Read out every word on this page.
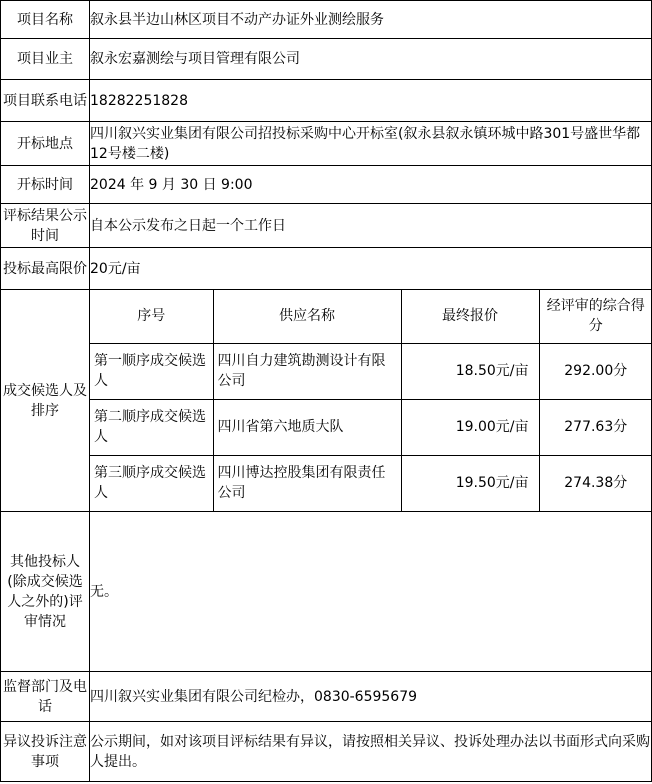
项目名称	叙永县半边山林区项目不动产办证外业测绘服务
项目业主	叙永宏嘉测绘与项目管理有限公司
项目联系电话	18282251828
开标地点	四川叙兴实业集团有限公司招投标采购中心开标室(叙永县叙永镇环城中路301号盛世华都12号楼二楼)
开标时间	2024 年 9 月 30 日 9:00
评标结果公示时间	自本公示发布之日起一个工作日
投标最高限价	20元/亩
成交候选人及排序	
序号	供应名称	最终报价	经评审的综合得分
第一顺序成交候选人	四川自力建筑勘测设计有限公司	18.50元/亩	292.00分
第二顺序成交候选人	四川省第六地质大队	19.00元/亩	277.63分
第三顺序成交候选人	四川博达控股集团有限责任公司	19.50元/亩	274.38分

其他投标人(除成交候选人之外的)评审情况	无。
监督部门及电话	四川叙兴实业集团有限公司纪检办，0830-6595679
异议投诉注意事项	公示期间，如对该项目评标结果有异议，请按照相关异议、投诉处理办法以书面形式向采购人提出。
